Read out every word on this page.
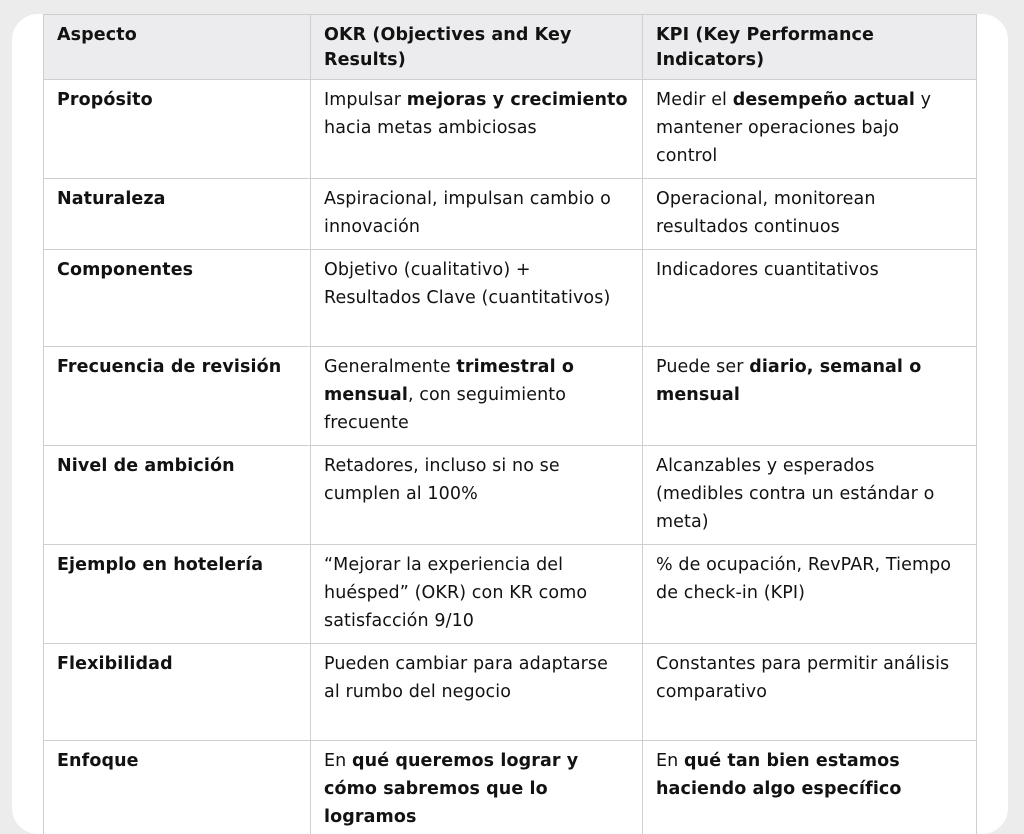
Aspecto	OKR (Objectives and Key Results)	KPI (Key Performance Indicators)
Propósito	Impulsar mejoras y crecimiento hacia metas ambiciosas	Medir el desempeño actual y mantener operaciones bajo control
Naturaleza	Aspiracional, impulsan cambio o innovación	Operacional, monitorean resultados continuos
Componentes	Objetivo (cualitativo) + Resultados Clave (cuantitativos)	Indicadores cuantitativos
Frecuencia de revisión	Generalmente trimestral o mensual, con seguimiento frecuente	Puede ser diario, semanal o mensual
Nivel de ambición	Retadores, incluso si no se cumplen al 100%	Alcanzables y esperados (medibles contra un estándar o meta)
Ejemplo en hotelería	“Mejorar la experiencia del huésped” (OKR) con KR como satisfacción 9/10	% de ocupación, RevPAR, Tiempo de check-in (KPI)
Flexibilidad	Pueden cambiar para adaptarse al rumbo del negocio	Constantes para permitir análisis comparativo
Enfoque	En qué queremos lograr y cómo sabremos que lo logramos	En qué tan bien estamos haciendo algo específico
